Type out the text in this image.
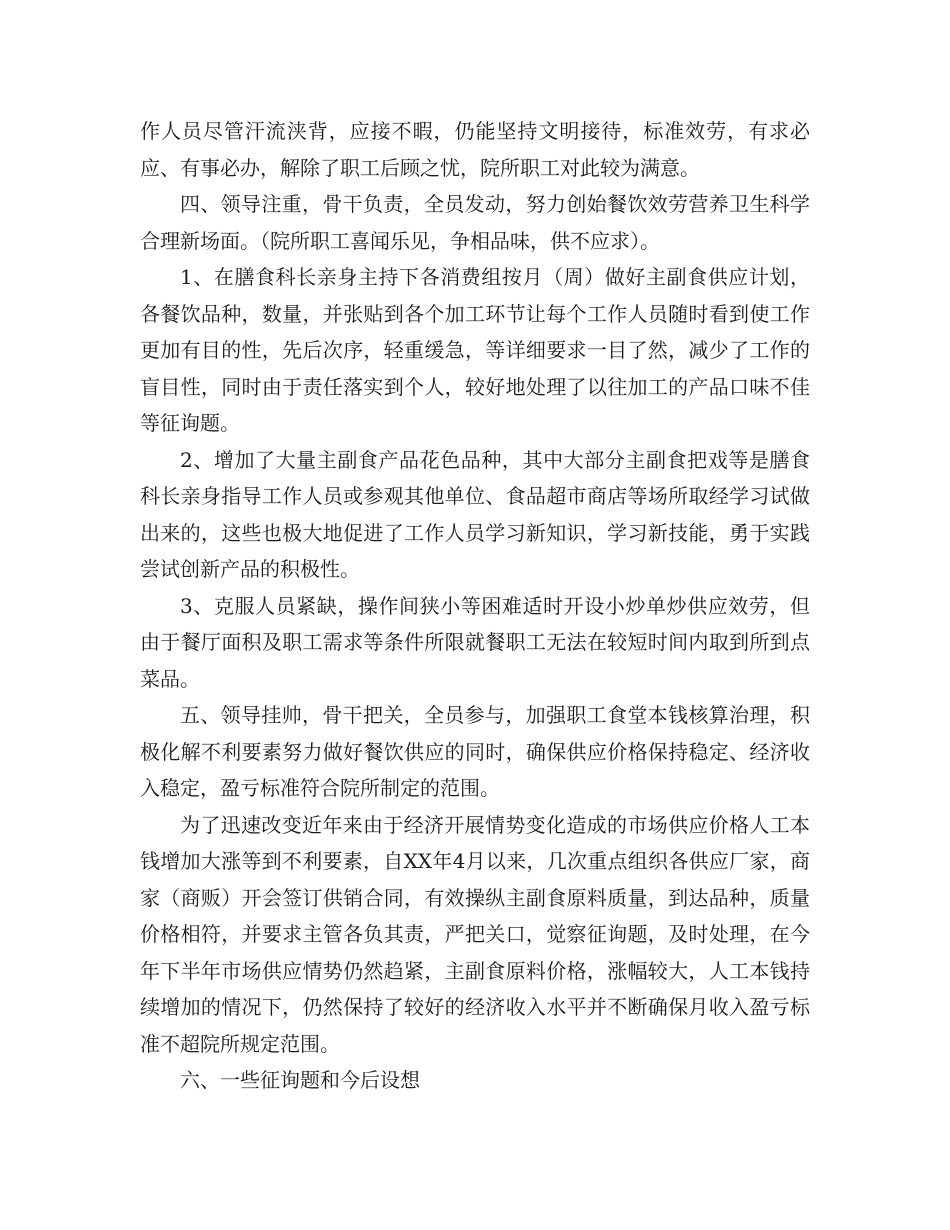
作人员尽管汗流浃背，应接不暇，仍能坚持文明接待，标准效劳，有求必应、有事必办，解除了职工后顾之忧，院所职工对此较为满意。

四、领导注重，骨干负责，全员发动，努力创始餐饮效劳营养卫生科学合理新场面。（院所职工喜闻乐见，争相品味，供不应求）。

1、在膳食科长亲身主持下各消费组按月（周）做好主副食供应计划，各餐饮品种，数量，并张贴到各个加工环节让每个工作人员随时看到使工作更加有目的性，先后次序，轻重缓急，等详细要求一目了然，减少了工作的盲目性，同时由于责任落实到个人，较好地处理了以往加工的产品口味不佳等征询题。

2、增加了大量主副食产品花色品种，其中大部分主副食把戏等是膳食科长亲身指导工作人员或参观其他单位、食品超市商店等场所取经学习试做出来的，这些也极大地促进了工作人员学习新知识，学习新技能，勇于实践尝试创新产品的积极性。

3、克服人员紧缺，操作间狭小等困难适时开设小炒单炒供应效劳，但由于餐厅面积及职工需求等条件所限就餐职工无法在较短时间内取到所到点菜品。

五、领导挂帅，骨干把关，全员参与，加强职工食堂本钱核算治理，积极化解不利要素努力做好餐饮供应的同时，确保供应价格保持稳定、经济收入稳定，盈亏标准符合院所制定的范围。

为了迅速改变近年来由于经济开展情势变化造成的市场供应价格人工本钱增加大涨等到不利要素，自XX年4月以来，几次重点组织各供应厂家，商家（商贩）开会签订供销合同，有效操纵主副食原料质量，到达品种，质量价格相符，并要求主管各负其责，严把关口，觉察征询题，及时处理，在今年下半年市场供应情势仍然趋紧，主副食原料价格，涨幅较大，人工本钱持续增加的情况下，仍然保持了较好的经济收入水平并不断确保月收入盈亏标准不超院所规定范围。

六、一些征询题和今后设想
